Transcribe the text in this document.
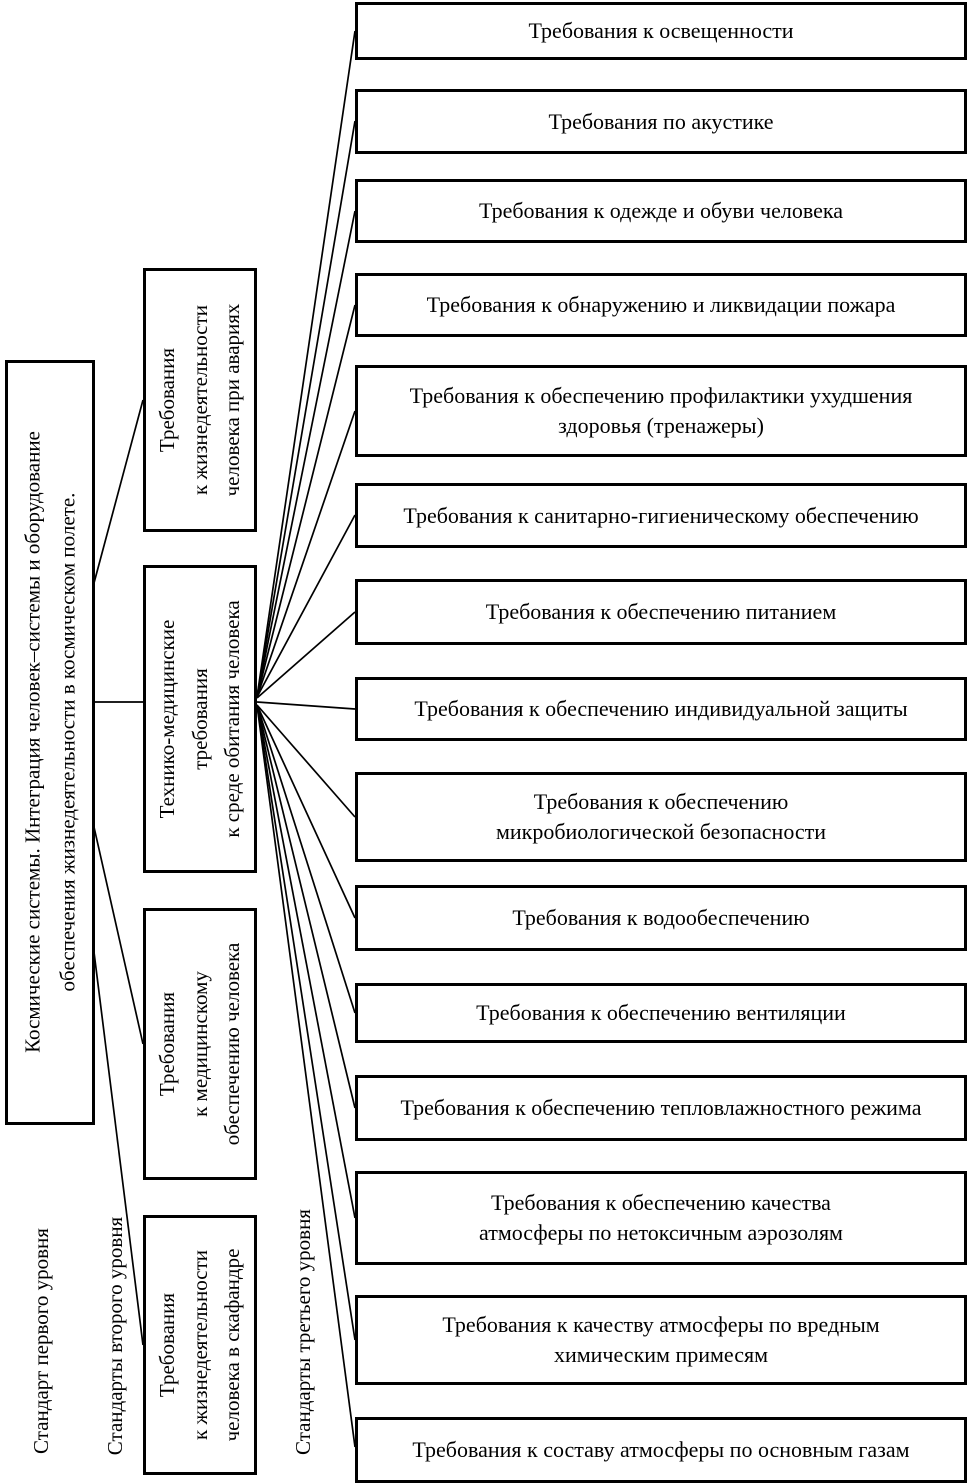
Космические системы. Интеграция человек–системы и оборудование обеспечения жизнедеятельности в космическом полете.
Требования к жизнедеятельности человека при авариях
Технико-медицинские требования к среде обитания человека
Требования к медицинскому обеспечению человека
Требования к жизнедеятельности человека в скафандре
Требования к освещенности
Требования по акустике
Требования к одежде и обуви человека
Требования к обнаружению и ликвидации пожара
Требования к обеспечению профилактики ухудшения
здоровья (тренажеры)
Требования к санитарно-гигиеническому обеспечению
Требования к обеспечению питанием
Требования к обеспечению индивидуальной защиты
Требования к обеспечению
микробиологической безопасности
Требования к водообеспечению
Требования к обеспечению вентиляции
Требования к обеспечению тепловлажностного режима
Требования к обеспечению качества
атмосферы по нетоксичным аэрозолям
Требования к качеству атмосферы по вредным
химическим примесям
Требования к составу атмосферы по основным газам
Стандарт первого уровня Стандарты второго уровня	Стандарты третьего уровня
